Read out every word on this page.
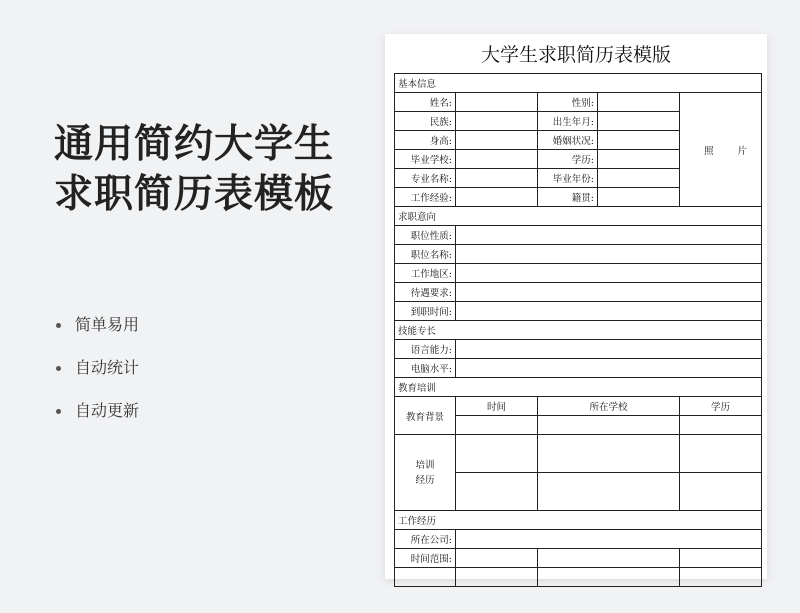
通用简约大学生
求职简历表模板
简单易用
自动统计
自动更新
大学生求职简历表模版
基本信息				
姓名:		性别:		照片
民族:		出生年月:		
身高:		婚姻状况:		
毕业学校:		学历:		
专业名称:		毕业年份:		
工作经验:		籍贯:		
求职意向				
职位性质:				
职位名称:				
工作地区:				
待遇要求:				
到职时间:				
技能专长				
语言能力:				
电脑水平:				
教育培训				
教育背景	时间	所在学校		学历

培训
经历				

工作经历				
所在公司:				
时间范围:				
